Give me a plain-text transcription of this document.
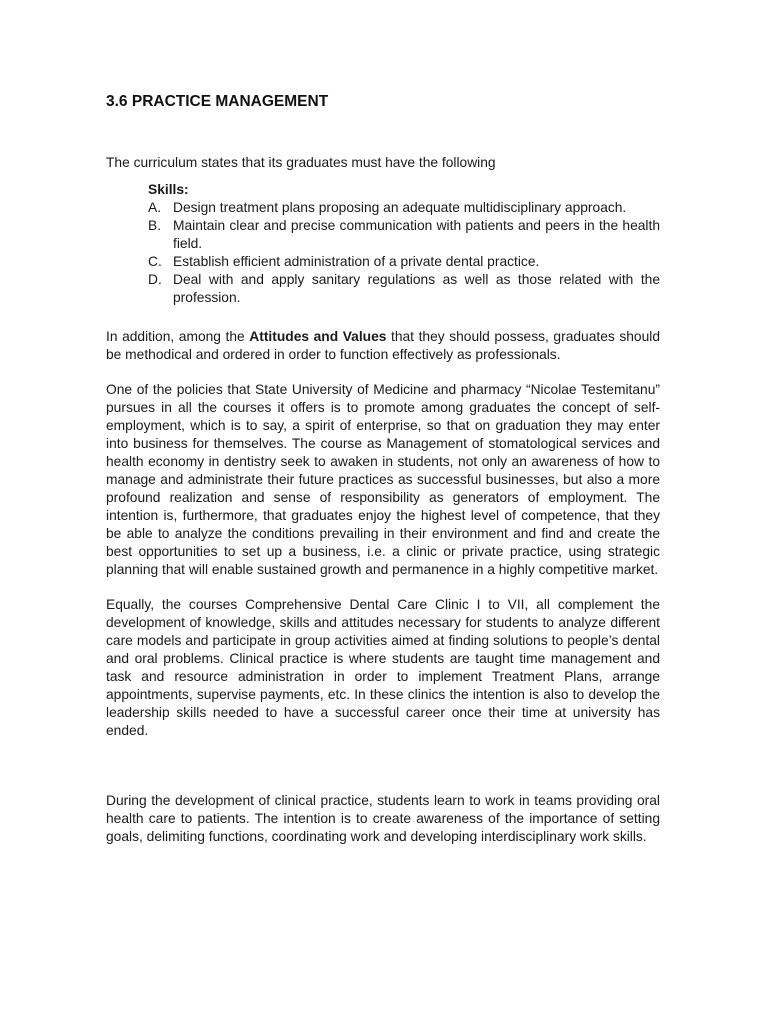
3.6 PRACTICE MANAGEMENT

The curriculum states that its graduates must have the following

Skills:
A. Design treatment plans proposing an adequate multidisciplinary approach.
B. Maintain clear and precise communication with patients and peers in the health field.
C. Establish efficient administration of a private dental practice.
D. Deal with and apply sanitary regulations as well as those related with the profession.

In addition, among the Attitudes and Values that they should possess, graduates should be methodical and ordered in order to function effectively as professionals.

One of the policies that State University of Medicine and pharmacy “Nicolae Testemitanu” pursues in all the courses it offers is to promote among graduates the concept of self-employment, which is to say, a spirit of enterprise, so that on graduation they may enter into business for themselves. The course as Management of stomatological services and health economy in dentistry seek to awaken in students, not only an awareness of how to manage and administrate their future practices as successful businesses, but also a more profound realization and sense of responsibility as generators of employment. The intention is, furthermore, that graduates enjoy the highest level of competence, that they be able to analyze the conditions prevailing in their environment and find and create the best opportunities to set up a business, i.e. a clinic or private practice, using strategic planning that will enable sustained growth and permanence in a highly competitive market.

Equally, the courses Comprehensive Dental Care Clinic I to VII, all complement the development of knowledge, skills and attitudes necessary for students to analyze different care models and participate in group activities aimed at finding solutions to people’s dental and oral problems. Clinical practice is where students are taught time management and task and resource administration in order to implement Treatment Plans, arrange appointments, supervise payments, etc. In these clinics the intention is also to develop the leadership skills needed to have a successful career once their time at university has ended.

During the development of clinical practice, students learn to work in teams providing oral health care to patients. The intention is to create awareness of the importance of setting goals, delimiting functions, coordinating work and developing interdisciplinary work skills.
